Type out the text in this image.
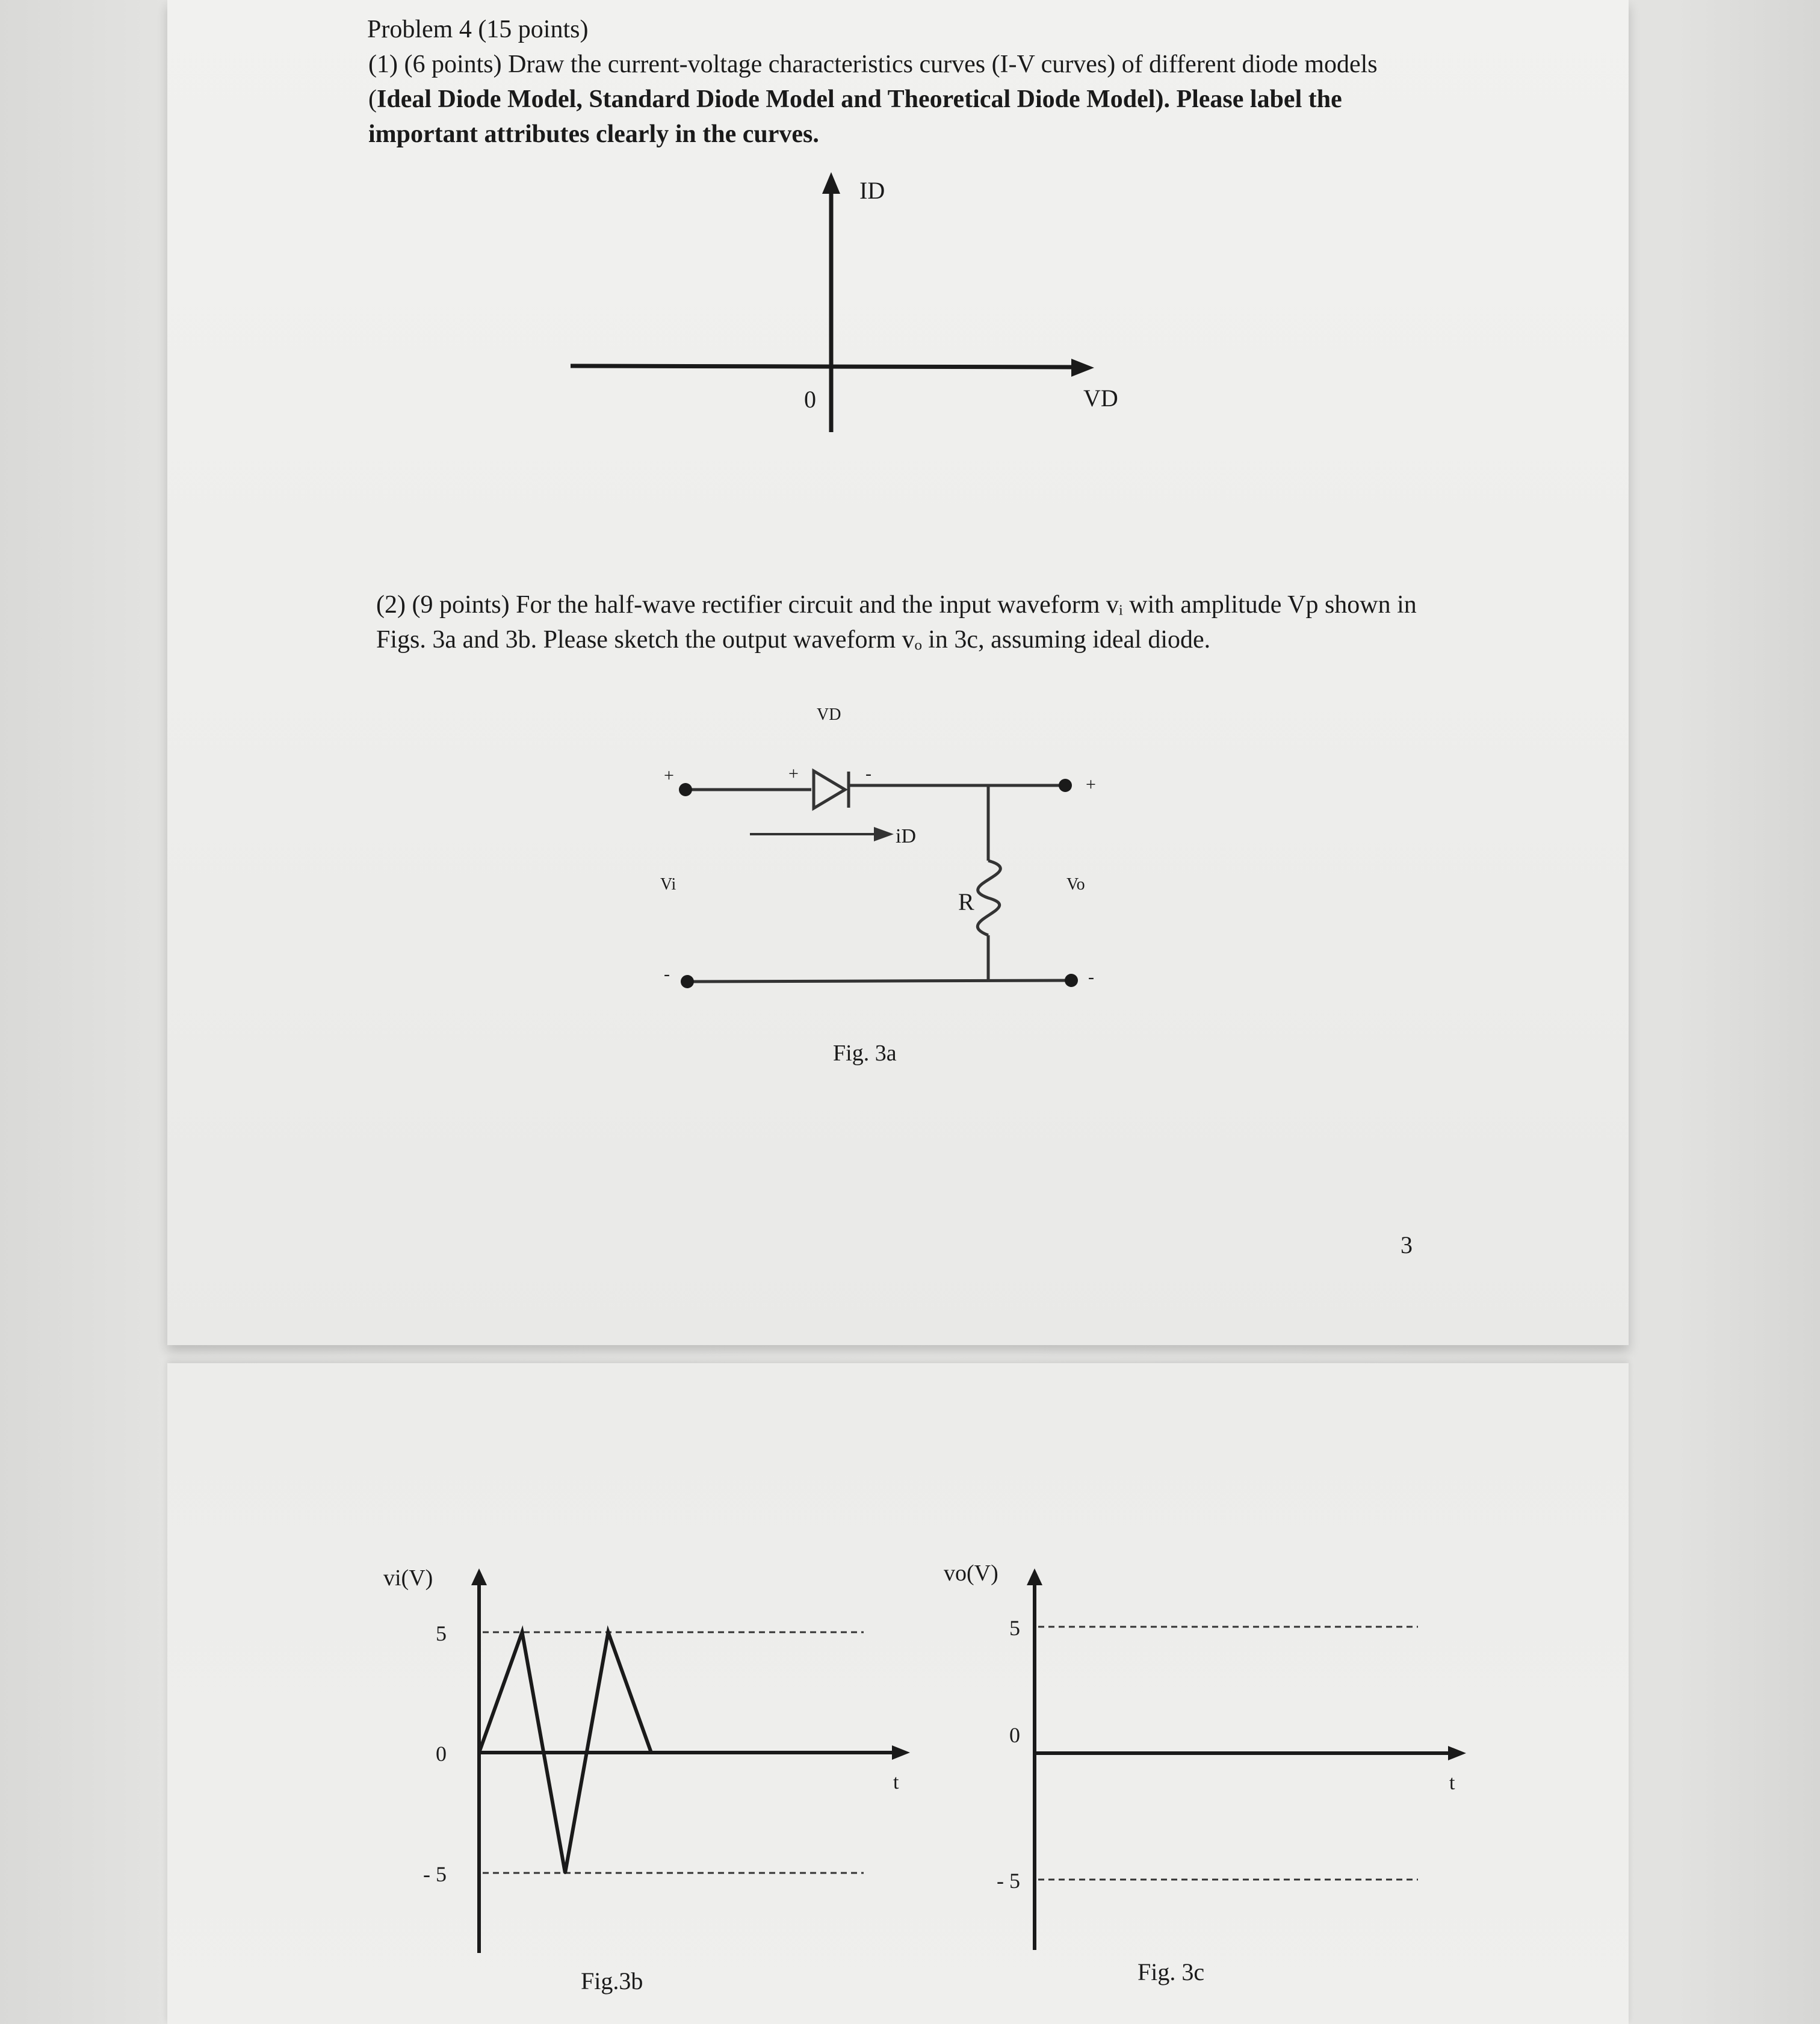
Problem 4 (15 points)
(1) (6 points) Draw the current-voltage characteristics curves (I-V curves) of different diode models (Ideal Diode Model, Standard Diode Model and Theoretical Diode Model). Please label the important attributes clearly in the curves.
(2) (9 points) For the half-wave rectifier circuit and the input waveform vᵢ with amplitude Vp shown in Figs. 3a and 3b. Please sketch the output waveform vₒ in 3c, assuming ideal diode.
3
ID
VD
0
VD
+	-
iD
Vi	Vo
R
+
-
+
-
Fig. 3a
5
0
- 5
vi(V)
t
Fig.3b
5
0
- 5
vo(V)
t
Fig. 3c
